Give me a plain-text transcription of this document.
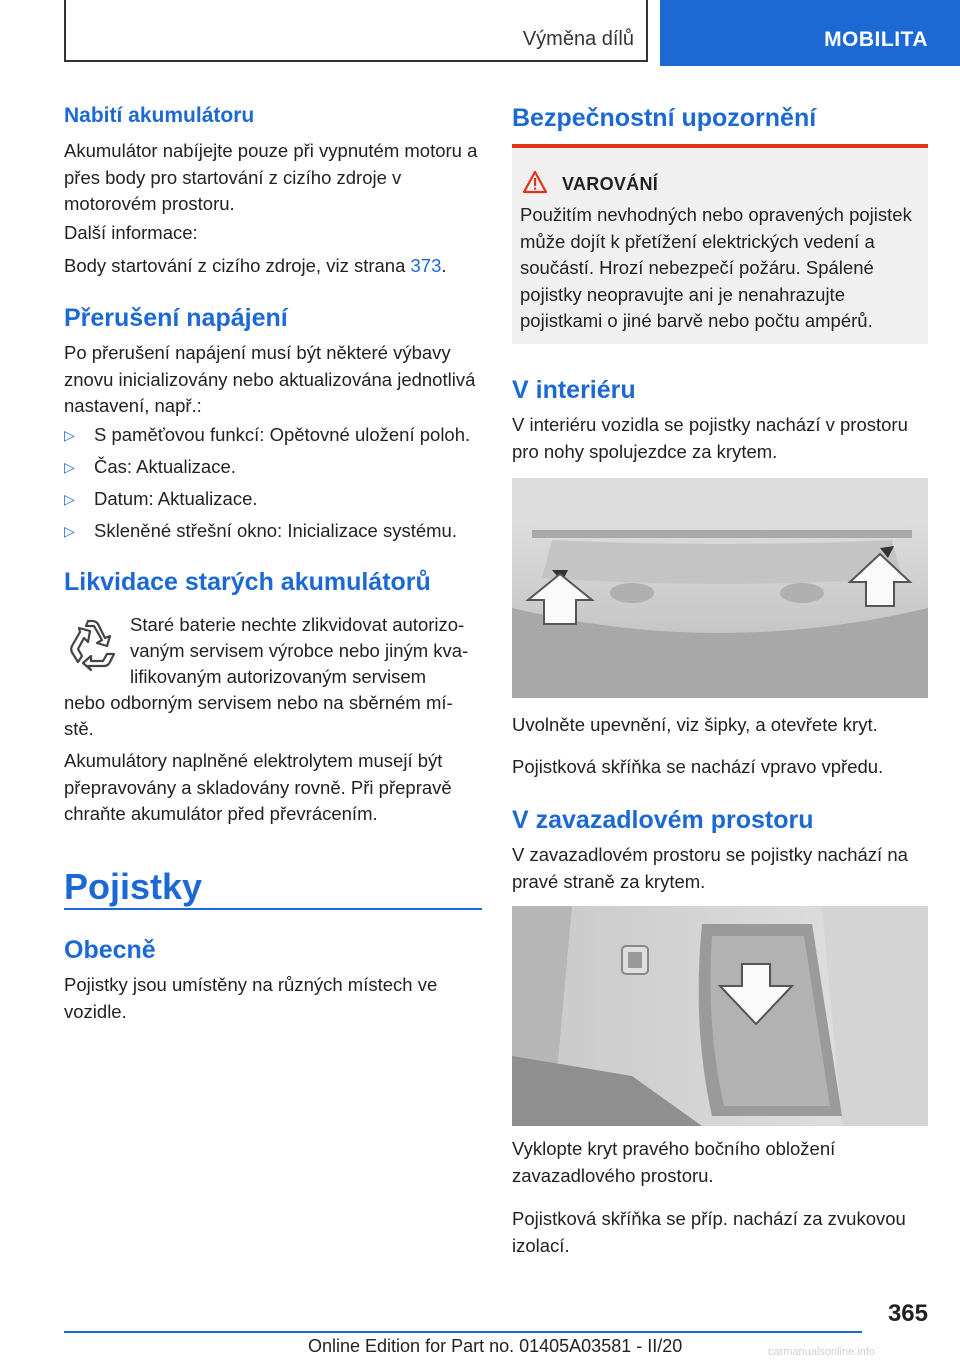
Výměna dílů	MOBILITA
Nabití akumulátoru

Akumulátor nabíjejte pouze při vypnutém motoru a přes body pro startování z cizího zdroje v motorovém prostoru.

Další informace:

Body startování z cizího zdroje, viz strana 373.

Přerušení napájení

Po přerušení napájení musí být některé výbavy znovu inicializovány nebo aktualizována jednotlivá nastavení, např.:

▷	S paměťovou funkcí: Opětovné uložení poloh.
▷	Čas: Aktualizace.
▷	Datum: Aktualizace.
▷	Skleněné střešní okno: Inicializace systému.
Likvidace starých akumulátorů

Staré baterie nechte zlikvidovat autorizo-

vaným servisem výrobce nebo jiným kva-

lifikovaným autorizovaným servisem

nebo odborným servisem nebo na sběrném mí-

stě.

Akumulátory naplněné elektrolytem musejí být přepravovány a skladovány rovně. Při přepravě chraňte akumulátor před převrácením.

Pojistky
Obecně

Pojistky jsou umístěny na různých místech ve vozidle.

Bezpečnostní upozornění
VAROVÁNÍ
Použitím nevhodných nebo opravených pojistek může dojít k přetížení elektrických vedení a součástí. Hrozí nebezpečí požáru. Spálené pojistky neopravujte ani je nenahrazujte pojistkami o jiné barvě nebo počtu ampérů.
V interiéru

V interiéru vozidla se pojistky nachází v prostoru pro nohy spolujezdce za krytem.

Uvolněte upevnění, viz šipky, a otevřete kryt.

Pojistková skříňka se nachází vpravo vpředu.

V zavazadlovém prostoru

V zavazadlovém prostoru se pojistky nachází na pravé straně za krytem.

Vyklopte kryt pravého bočního obložení zavazadlového prostoru.

Pojistková skříňka se příp. nachází za zvukovou izolací.

365
Online Edition for Part no. 01405A03581 - II/20	carmanualsonline.info
